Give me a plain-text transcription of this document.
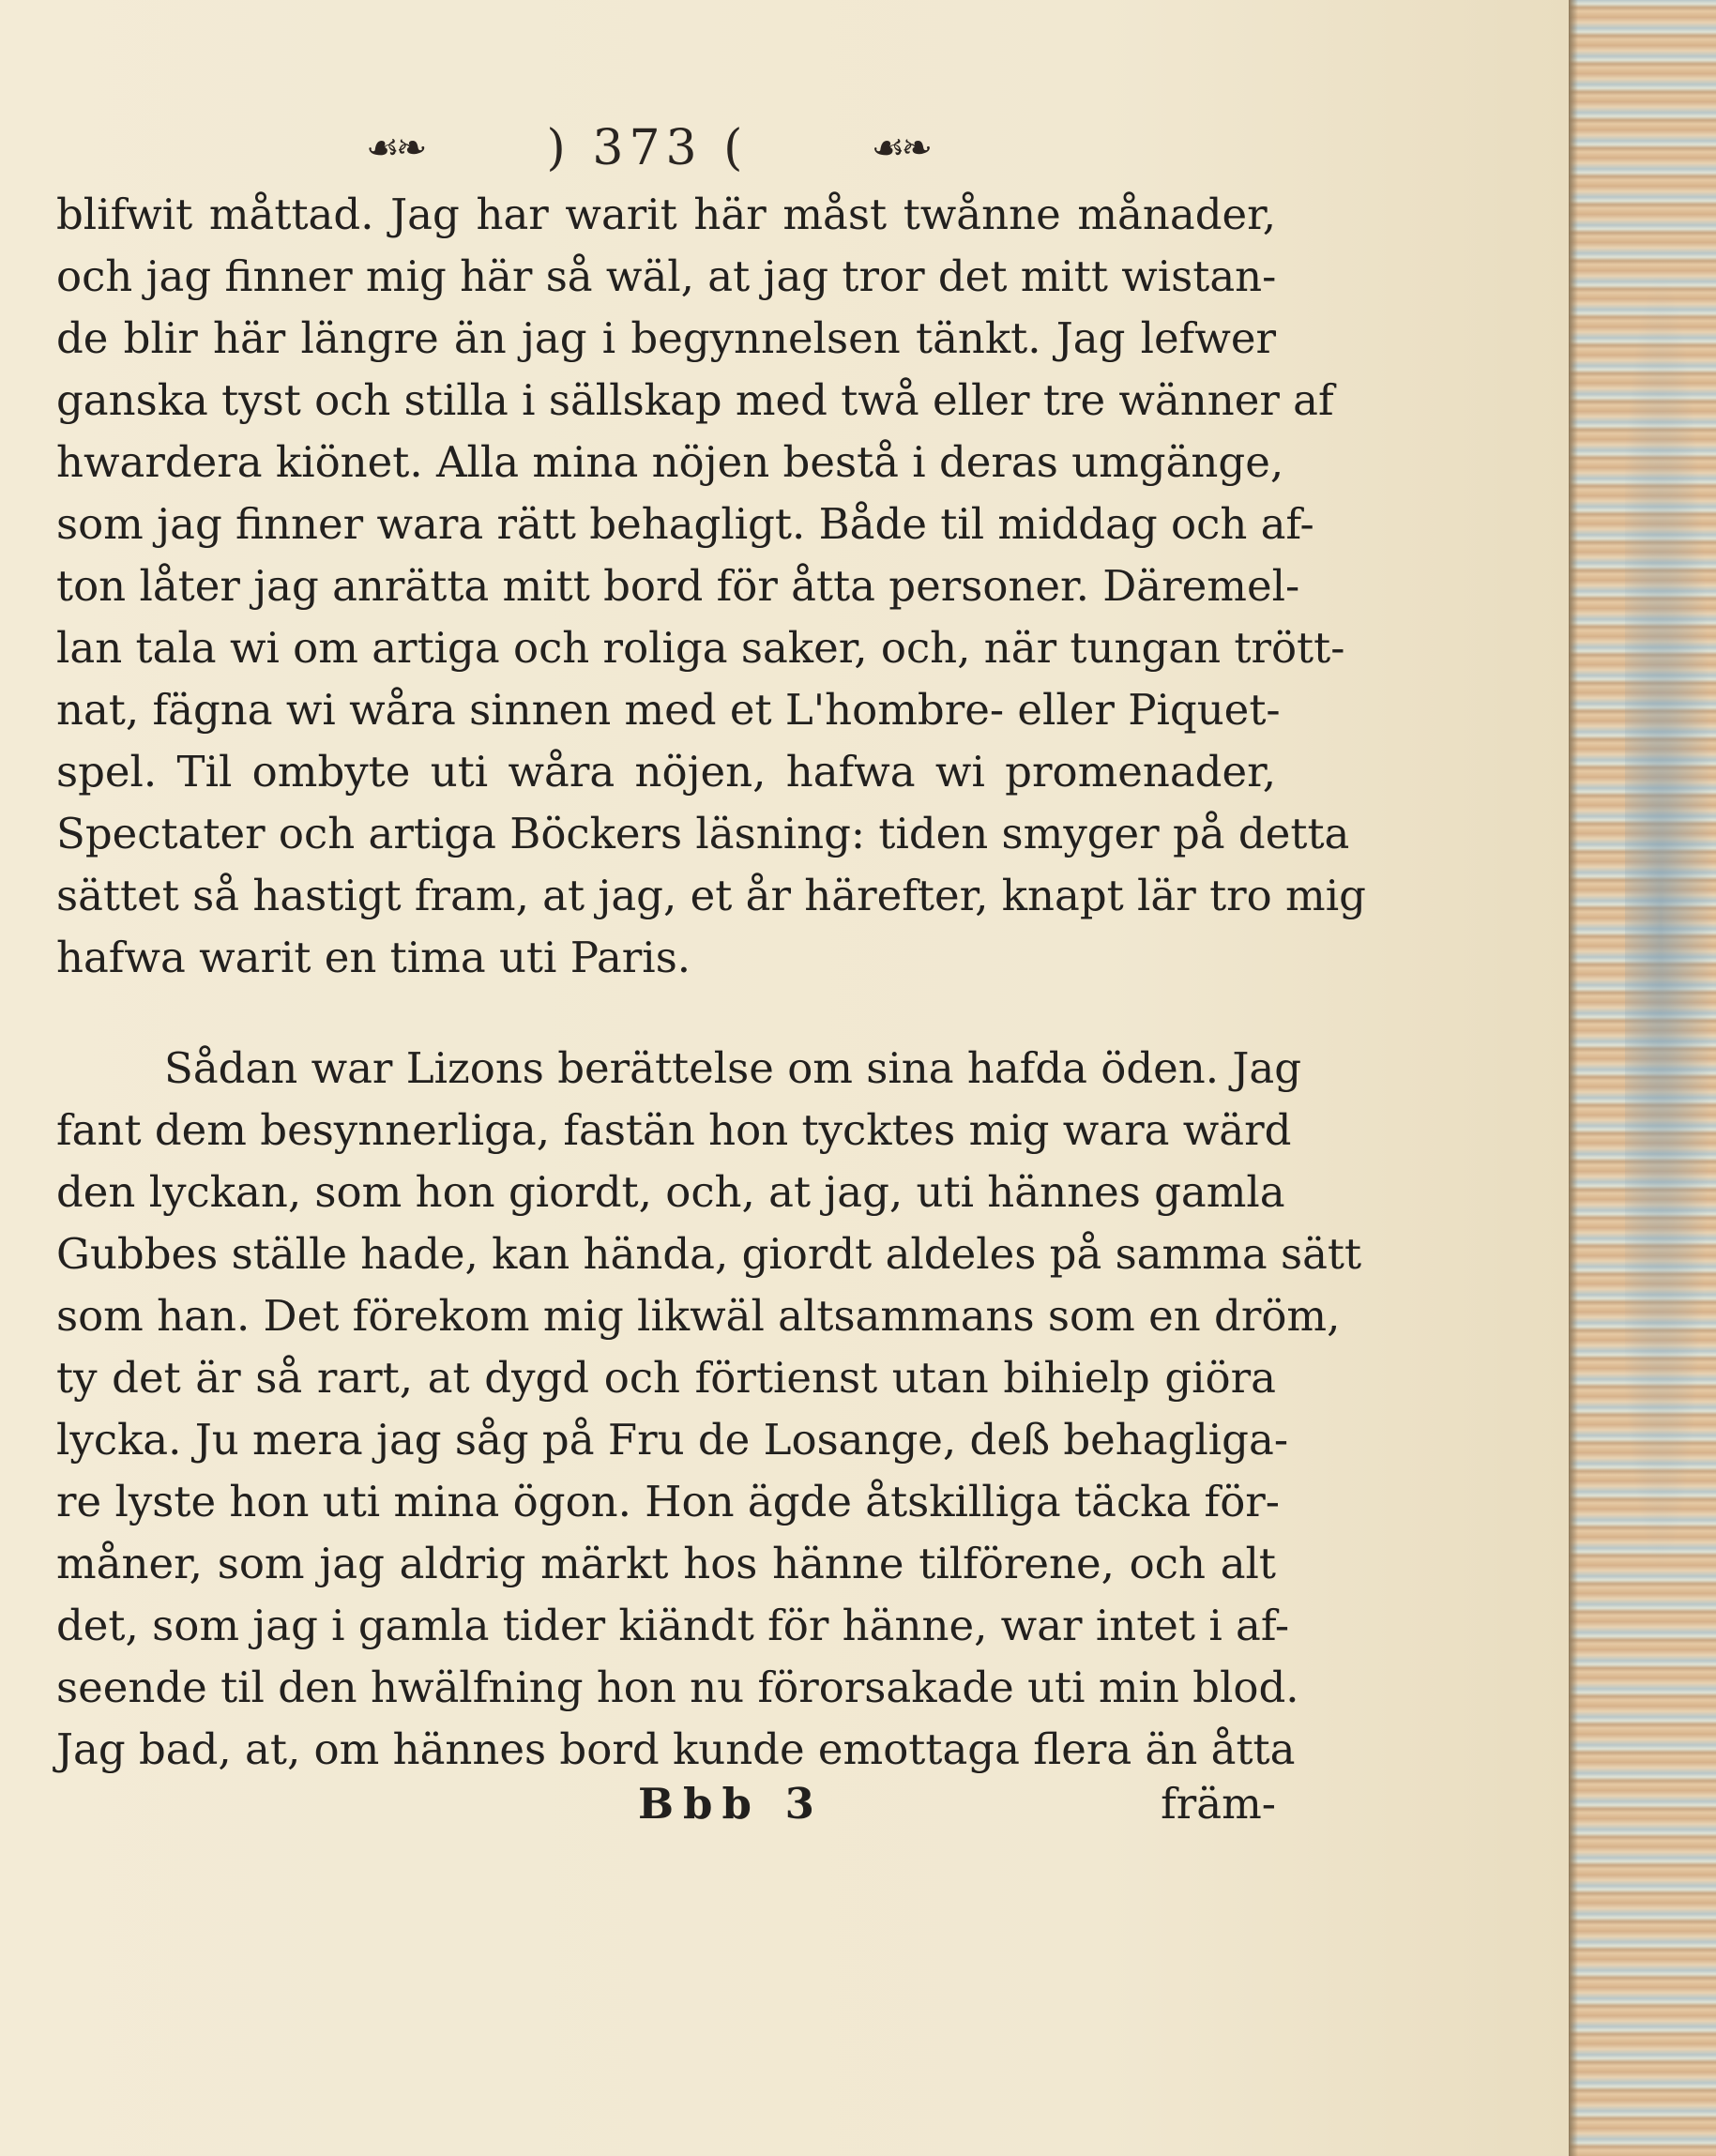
☙❧	) 373 (	☙❧
blifwit måttad. Jag har warit här måst twånne månader,
och jag finner mig här så wäl, at jag tror det mitt wistan-
de blir här längre än jag i begynnelsen tänkt. Jag lefwer
ganska tyst och stilla i sällskap med twå eller tre wänner af
hwardera kiönet. Alla mina nöjen bestå i deras umgänge,
som jag finner wara rätt behagligt. Både til middag och af-
ton låter jag anrätta mitt bord för åtta personer. Däremel-
lan tala wi om artiga och roliga saker, och, när tungan trött-
nat, fägna wi wåra sinnen med et L'hombre- eller Piquet-
spel. Til ombyte uti wåra nöjen, hafwa wi promenader,
Spectater och artiga Böckers läsning: tiden smyger på detta
sättet så hastigt fram, at jag, et år härefter, knapt lär tro mig
hafwa warit en tima uti Paris.
Sådan war Lizons berättelse om sina hafda öden. Jag
fant dem besynnerliga, fastän hon tycktes mig wara wärd
den lyckan, som hon giordt, och, at jag, uti hännes gamla
Gubbes ställe hade, kan hända, giordt aldeles på samma sätt
som han. Det förekom mig likwäl altsammans som en dröm,
ty det är så rart, at dygd och förtienst utan bihielp giöra
lycka. Ju mera jag såg på Fru de Losange, deß behagliga-
re lyste hon uti mina ögon. Hon ägde åtskilliga täcka för-
måner, som jag aldrig märkt hos hänne tilförene, och alt
det, som jag i gamla tider kiändt för hänne, war intet i af-
seende til den hwälfning hon nu förorsakade uti min blod.
Jag bad, at, om hännes bord kunde emottaga flera än åtta
Bbb 3	främ-
